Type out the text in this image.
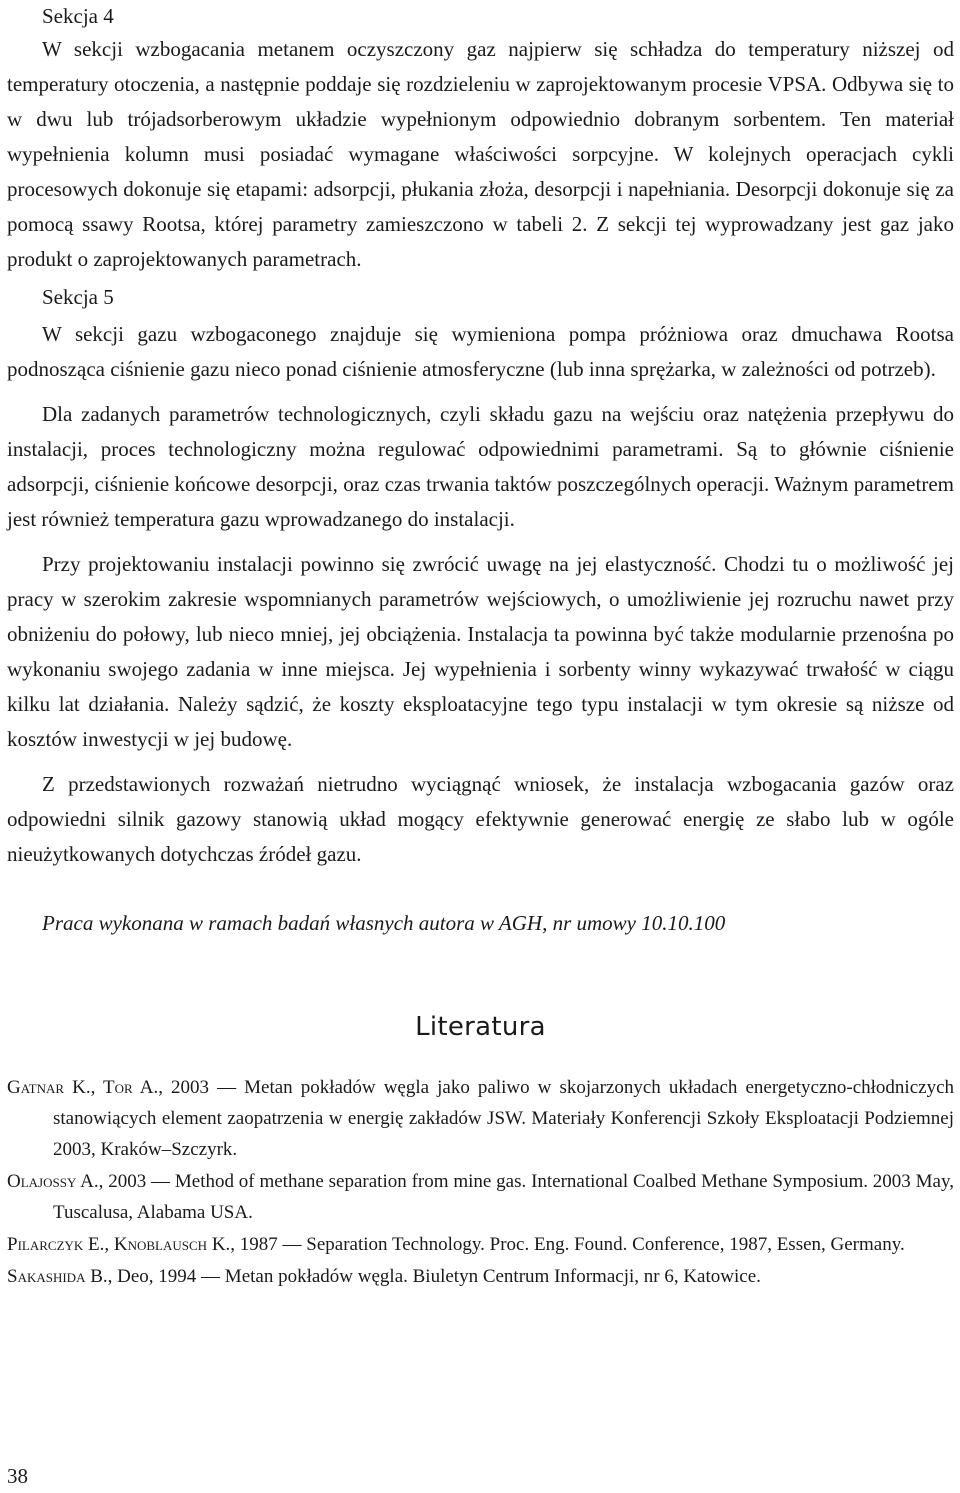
Sekcja 4

W sekcji wzbogacania metanem oczyszczony gaz najpierw się schładza do temperatury niższej od temperatury otoczenia, a następnie poddaje się rozdzieleniu w zaprojektowanym procesie VPSA. Odbywa się to w dwu lub trójadsorberowym układzie wypełnionym odpowiednio dobranym sorbentem. Ten materiał wypełnienia kolumn musi posiadać wymagane właściwości sorpcyjne. W kolejnych operacjach cykli procesowych dokonuje się etapami: adsorpcji, płukania złoża, desorpcji i napełniania. Desorpcji dokonuje się za pomocą ssawy Rootsa, której parametry zamieszczono w tabeli 2. Z sekcji tej wyprowadzany jest gaz jako produkt o zaprojektowanych parametrach.

Sekcja 5

W sekcji gazu wzbogaconego znajduje się wymieniona pompa próżniowa oraz dmuchawa Rootsa podnosząca ciśnienie gazu nieco ponad ciśnienie atmosferyczne (lub inna sprężarka, w zależności od potrzeb).

Dla zadanych parametrów technologicznych, czyli składu gazu na wejściu oraz natężenia przepływu do instalacji, proces technologiczny można regulować odpowiednimi parametrami. Są to głównie ciśnienie adsorpcji, ciśnienie końcowe desorpcji, oraz czas trwania taktów poszczególnych operacji. Ważnym parametrem jest również temperatura gazu wprowadzanego do instalacji.

Przy projektowaniu instalacji powinno się zwrócić uwagę na jej elastyczność. Chodzi tu o możliwość jej pracy w szerokim zakresie wspomnianych parametrów wejściowych, o umożliwienie jej rozruchu nawet przy obniżeniu do połowy, lub nieco mniej, jej obciążenia. Instalacja ta powinna być także modularnie przenośna po wykonaniu swojego zadania w inne miejsca. Jej wypełnienia i sorbenty winny wykazywać trwałość w ciągu kilku lat działania. Należy sądzić, że koszty eksploatacyjne tego typu instalacji w tym okresie są niższe od kosztów inwestycji w jej budowę.

Z przedstawionych rozważań nietrudno wyciągnąć wniosek, że instalacja wzbogacania gazów oraz odpowiedni silnik gazowy stanowią układ mogący efektywnie generować energię ze słabo lub w ogóle nieużytkowanych dotychczas źródeł gazu.

Praca wykonana w ramach badań własnych autora w AGH, nr umowy 10.10.100

Literatura
Gatnar K., Tor A., 2003 — Metan pokładów węgla jako paliwo w skojarzonych układach energetyczno-chłodniczych stanowiących element zaopatrzenia w energię zakładów JSW. Materiały Konferencji Szkoły Eksploatacji Podziemnej 2003, Kraków–Szczyrk.
Olajossy A., 2003 — Method of methane separation from mine gas. International Coalbed Methane Symposium. 2003 May, Tuscalusa, Alabama USA.
Pilarczyk E., Knoblausch K., 1987 — Separation Technology. Proc. Eng. Found. Conference, 1987, Essen, Germany.
Sakashida B., Deo, 1994 — Metan pokładów węgla. Biuletyn Centrum Informacji, nr 6, Katowice.
38
